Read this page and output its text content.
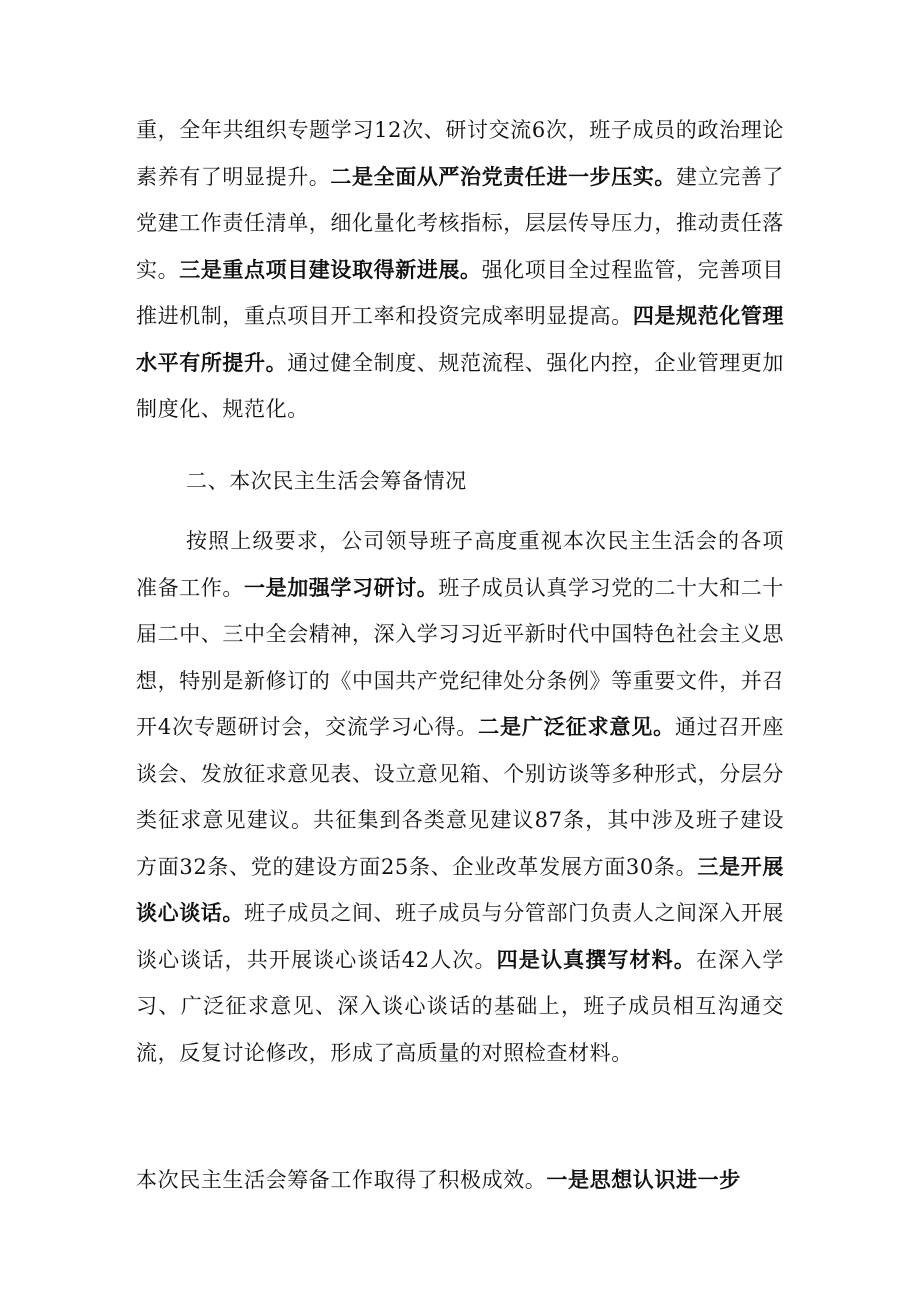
重，全年共组织专题学习12次、研讨交流6次，班子成员的政治理论素养有了明显提升。二是全面从严治党责任进一步压实。建立完善了党建工作责任清单，细化量化考核指标，层层传导压力，推动责任落实。三是重点项目建设取得新进展。强化项目全过程监管，完善项目推进机制，重点项目开工率和投资完成率明显提高。四是规范化管理水平有所提升。通过健全制度、规范流程、强化内控，企业管理更加制度化、规范化。

二、本次民主生活会筹备情况

按照上级要求，公司领导班子高度重视本次民主生活会的各项准备工作。一是加强学习研讨。班子成员认真学习党的二十大和二十届二中、三中全会精神，深入学习习近平新时代中国特色社会主义思想，特别是新修订的《中国共产党纪律处分条例》等重要文件，并召开4次专题研讨会，交流学习心得。二是广泛征求意见。通过召开座谈会、发放征求意见表、设立意见箱、个别访谈等多种形式，分层分类征求意见建议。共征集到各类意见建议87条，其中涉及班子建设方面32条、党的建设方面25条、企业改革发展方面30条。三是开展谈心谈话。班子成员之间、班子成员与分管部门负责人之间深入开展谈心谈话，共开展谈心谈话42人次。四是认真撰写材料。在深入学习、广泛征求意见、深入谈心谈话的基础上，班子成员相互沟通交流，反复讨论修改，形成了高质量的对照检查材料。

本次民主生活会筹备工作取得了积极成效。一是思想认识进一步
